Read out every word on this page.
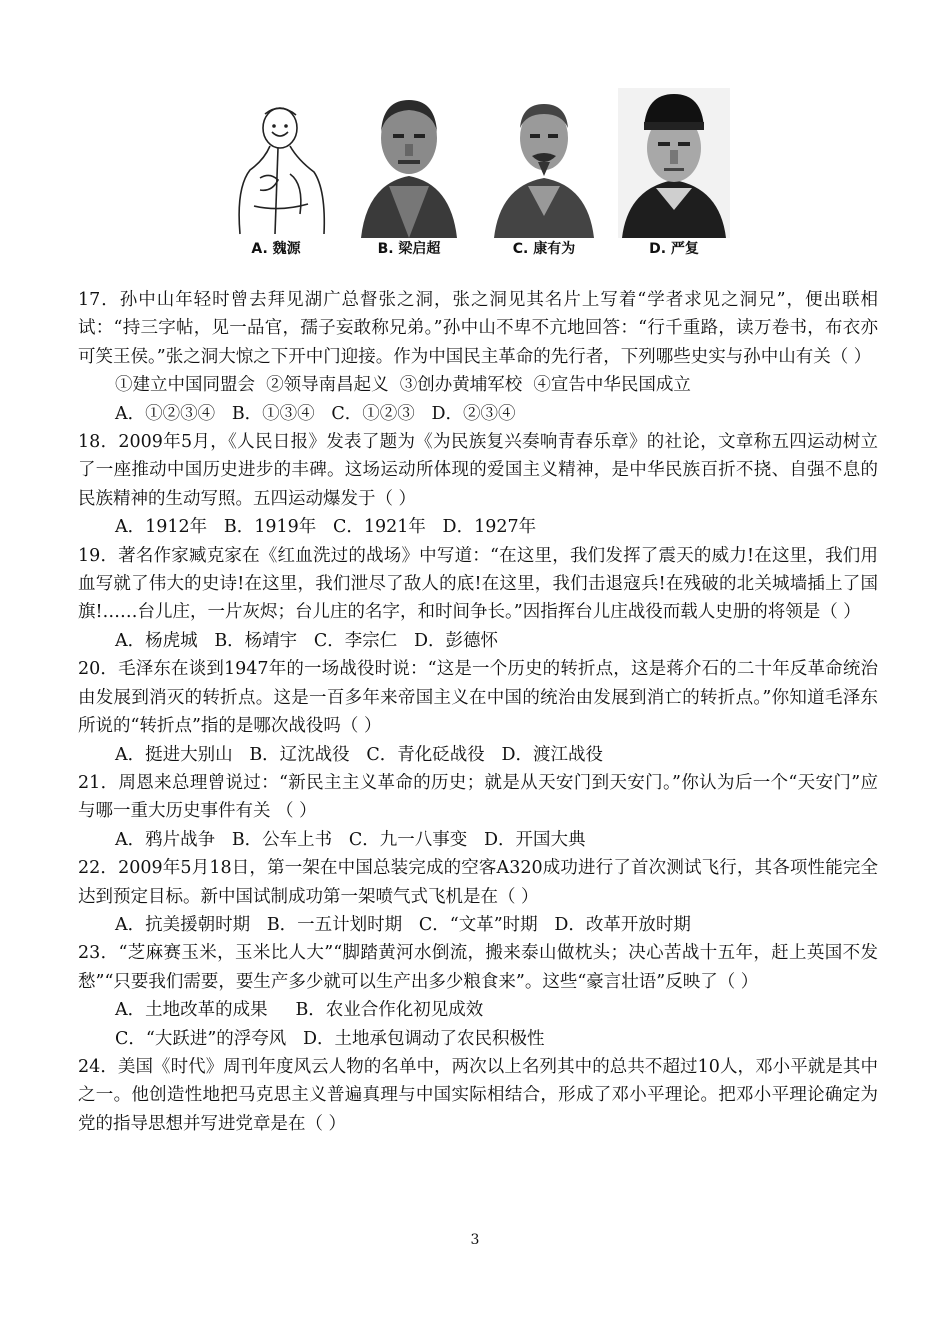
A. 魏源	B. 梁启超	C. 康有为	D. 严复

17．孙中山年轻时曾去拜见湖广总督张之洞，张之洞见其名片上写着“学者求见之洞兄”，便出联相试：“持三字帖，见一品官，孺子妄敢称兄弟。”孙中山不卑不亢地回答：“行千重路，读万卷书，布衣亦可笑王侯。”张之洞大惊之下开中门迎接。作为中国民主革命的先行者，下列哪些史实与孙中山有关（ ）

①建立中国同盟会  ②领导南昌起义  ③创办黄埔军校  ④宣告中华民国成立

A．①②③④   B．①③④   C．①②③   D．②③④

18．2009年5月，《人民日报》发表了题为《为民族复兴奏响青春乐章》的社论，文章称五四运动树立了一座推动中国历史进步的丰碑。这场运动所体现的爱国主义精神，是中华民族百折不挠、自强不息的民族精神的生动写照。五四运动爆发于（ ）

A．1912年   B．1919年   C．1921年   D．1927年

19．著名作家臧克家在《红血洗过的战场》中写道：“在这里，我们发挥了震天的威力!在这里，我们用血写就了伟大的史诗!在这里，我们泄尽了敌人的底!在这里，我们击退寇兵!在残破的北关城墙插上了国旗!……台儿庄，一片灰烬；台儿庄的名字，和时间争长。”因指挥台儿庄战役而载人史册的将领是（ ）

A．杨虎城   B．杨靖宇   C．李宗仁   D．彭德怀

20．毛泽东在谈到1947年的一场战役时说：“这是一个历史的转折点，这是蒋介石的二十年反革命统治由发展到消灭的转折点。这是一百多年来帝国主义在中国的统治由发展到消亡的转折点。”你知道毛泽东所说的“转折点”指的是哪次战役吗（ ）

A．挺进大别山   B．辽沈战役   C．青化砭战役   D．渡江战役

21．周恩来总理曾说过：“新民主主义革命的历史；就是从天安门到天安门。”你认为后一个“天安门”应与哪一重大历史事件有关 （ ）

A．鸦片战争   B．公车上书   C．九一八事变   D．开国大典

22．2009年5月18日，第一架在中国总装完成的空客A320成功进行了首次测试飞行，其各项性能完全达到预定目标。新中国试制成功第一架喷气式飞机是在（ ）

A．抗美援朝时期   B．一五计划时期   C．“文革”时期   D．改革开放时期

23．“芝麻赛玉米，玉米比人大”“脚踏黄河水倒流，搬来泰山做枕头；决心苦战十五年，赶上英国不发愁”“只要我们需要，要生产多少就可以生产出多少粮食来”。这些“豪言壮语”反映了（ ）

A．土地改革的成果     B．农业合作化初见成效

C．“大跃进”的浮夸风   D．土地承包调动了农民积极性

24．美国《时代》周刊年度风云人物的名单中，两次以上名列其中的总共不超过10人，邓小平就是其中之一。他创造性地把马克思主义普遍真理与中国实际相结合，形成了邓小平理论。把邓小平理论确定为党的指导思想并写进党章是在（ ）

3
